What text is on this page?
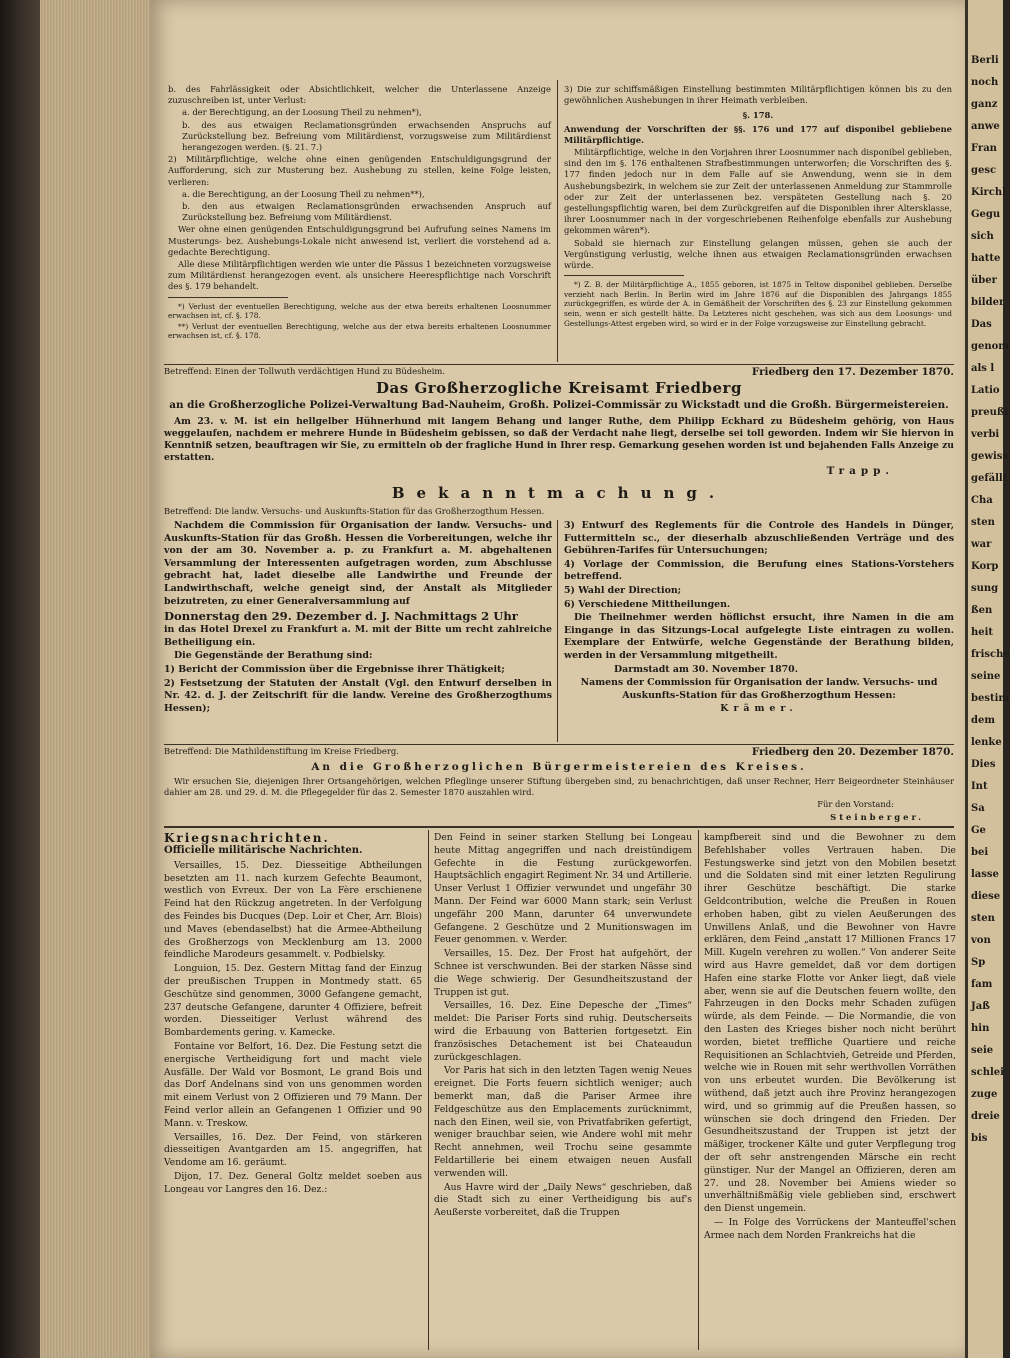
b. des Fahrlässigkeit oder Absichtlichkeit, welcher die Unterlassene Anzeige zuzuschreiben ist, unter Verlust:

a. der Berechtigung, an der Loosung Theil zu nehmen*),

b. des aus etwaigen Reclamationsgründen erwachsenden Anspruchs auf Zurückstellung bez. Befreiung vom Militärdienst, vorzugsweise zum Militärdienst herangezogen werden. (§. 21. 7.)

2) Militärpflichtige, welche ohne einen genügenden Entschuldigungsgrund der Aufforderung, sich zur Musterung bez. Aushebung zu stellen, keine Folge leisten, verlieren:

a. die Berechtigung, an der Loosung Theil zu nehmen**),

b. den aus etwaigen Reclamationsgründen erwachsenden Anspruch auf Zurückstellung bez. Befreiung vom Militärdienst.

Wer ohne einen genügenden Entschuldigungsgrund bei Aufrufung seines Namens im Musterungs- bez. Aushebungs-Lokale nicht anwesend ist, verliert die vorstehend ad a. gedachte Berechtigung.

Alle diese Militärpflichtigen werden wie unter die Pässus 1 bezeichneten vorzugsweise zum Militärdienst herangezogen event. als unsichere Heerespflichtige nach Vorschrift des §. 179 behandelt.

*) Verlust der eventuellen Berechtigung, welche aus der etwa bereits erhaltenen Loosnummer erwachsen ist, cf. §. 178.

**) Verlust der eventuellen Berechtigung, welche aus der etwa bereits erhaltenen Loosnummer erwachsen ist, cf. §. 178.

3) Die zur schiffsmäßigen Einstellung bestimmten Militärpflichtigen können bis zu den gewöhnlichen Aushebungen in ihrer Heimath verbleiben.

§. 178.

Anwendung der Vorschriften der §§. 176 und 177 auf disponibel gebliebene Militärpflichtige.

Militärpflichtige, welche in den Vorjahren ihrer Loosnummer nach disponibel geblieben, sind den im §. 176 enthaltenen Strafbestimmungen unterworfen; die Vorschriften des §. 177 finden jedoch nur in dem Falle auf sie Anwendung, wenn sie in dem Aushebungsbezirk, in welchem sie zur Zeit der unterlassenen Anmeldung zur Stammrolle oder zur Zeit der unterlassenen bez. verspäteten Gestellung nach §. 20 gestellungspflichtig waren, bei dem Zurückgreifen auf die Disponiblen ihrer Altersklasse, ihrer Loosnummer nach in der vorgeschriebenen Reihenfolge ebenfalls zur Aushebung gekommen wären*).

Sobald sie hiernach zur Einstellung gelangen müssen, gehen sie auch der Vergünstigung verlustig, welche ihnen aus etwaigen Reclamationsgründen erwachsen würde.

*) Z. B. der Militärpflichtige A., 1855 geboren, ist 1875 in Teltow disponibel geblieben. Derselbe verzieht nach Berlin. In Berlin wird im Jahre 1876 auf die Disponiblen des Jahrgangs 1855 zurückgegriffen, es würde der A. in Gemäßheit der Vorschriften des §. 23 zur Einstellung gekommen sein, wenn er sich gestellt hätte. Da Letzteres nicht geschehen, was sich aus dem Loosungs- und Gestellungs-Attest ergeben wird, so wird er in der Folge vorzugsweise zur Einstellung gebracht.

Betreffend: Einen der Tollwuth verdächtigen Hund zu Büdesheim.	Friedberg den 17. Dezember 1870.
Das Großherzogliche Kreisamt Friedberg
an die Großherzogliche Polizei-Verwaltung Bad-Nauheim, Großh. Polizei-Commissär zu Wickstadt und die Großh. Bürgermeistereien.

Am 23. v. M. ist ein hellgelber Hühnerhund mit langem Behang und langer Ruthe, dem Philipp Eckhard zu Büdesheim gehörig, von Haus weggelaufen, nachdem er mehrere Hunde in Büdesheim gebissen, so daß der Verdacht nahe liegt, derselbe sei toll geworden. Indem wir Sie hiervon in Kenntniß setzen, beauftragen wir Sie, zu ermitteln ob der fragliche Hund in Ihrer resp. Gemarkung gesehen worden ist und bejahenden Falls Anzeige zu erstatten.

Trapp.

Bekanntmachung.
Betreffend: Die landw. Versuchs- und Auskunfts-Station für das Großherzogthum Hessen.

Nachdem die Commission für Organisation der landw. Versuchs- und Auskunfts-Station für das Großh. Hessen die Vorbereitungen, welche ihr von der am 30. November a. p. zu Frankfurt a. M. abgehaltenen Versammlung der Interessenten aufgetragen worden, zum Abschlusse gebracht hat, ladet dieselbe alle Landwirthe und Freunde der Landwirthschaft, welche geneigt sind, der Anstalt als Mitglieder beizutreten, zu einer Generalversammlung auf

Donnerstag den 29. Dezember d. J. Nachmittags 2 Uhr

in das Hotel Drexel zu Frankfurt a. M. mit der Bitte um recht zahlreiche Betheiligung ein.

Die Gegenstände der Berathung sind:

1) Bericht der Commission über die Ergebnisse ihrer Thätigkeit;

2) Festsetzung der Statuten der Anstalt (Vgl. den Entwurf derselben in Nr. 42. d. J. der Zeitschrift für die landw. Vereine des Großherzogthums Hessen);

3) Entwurf des Reglements für die Controle des Handels in Dünger, Futtermitteln sc., der dieserhalb abzuschließenden Verträge und des Gebühren-Tarifes für Untersuchungen;

4) Vorlage der Commission, die Berufung eines Stations-Vorstehers betreffend.

5) Wahl der Direction;

6) Verschiedene Mittheilungen.

Die Theilnehmer werden höflichst ersucht, ihre Namen in die am Eingange in das Sitzungs-Local aufgelegte Liste eintragen zu wollen. Exemplare der Entwürfe, welche Gegenstände der Berathung bilden, werden in der Versammlung mitgetheilt.

Darmstadt am 30. November 1870.

Namens der Commission für Organisation der landw. Versuchs- und Auskunfts-Station für das Großherzogthum Hessen:

Krämer.

Betreffend: Die Mathildenstiftung im Kreise Friedberg.	Friedberg den 20. Dezember 1870.
An die Großherzoglichen Bürgermeistereien des Kreises.

Wir ersuchen Sie, diejenigen Ihrer Ortsangehörigen, welchen Pfleglinge unserer Stiftung übergeben sind, zu benachrichtigen, daß unser Rechner, Herr Beigeordneter Steinhäuser dahier am 28. und 29. d. M. die Pflegegelder für das 2. Semester 1870 auszahlen wird.

Für den Vorstand:

Steinberger.

Kriegsnachrichten.
Officielle militärische Nachrichten.

Versailles, 15. Dez. Diesseitige Abtheilungen besetzten am 11. nach kurzem Gefechte Beaumont, westlich von Evreux. Der von La Fère erschienene Feind hat den Rückzug angetreten. In der Verfolgung des Feindes bis Ducques (Dep. Loir et Cher, Arr. Blois) und Maves (ebendaselbst) hat die Armee-Abtheilung des Großherzogs von Mecklenburg am 13. 2000 feindliche Marodeurs gesammelt. v. Podbielsky.

Longuion, 15. Dez. Gestern Mittag fand der Einzug der preußischen Truppen in Montmedy statt. 65 Geschütze sind genommen, 3000 Gefangene gemacht, 237 deutsche Gefangene, darunter 4 Offiziere, befreit worden. Diesseitiger Verlust während des Bombardements gering. v. Kamecke.

Fontaine vor Belfort, 16. Dez. Die Festung setzt die energische Vertheidigung fort und macht viele Ausfälle. Der Wald vor Bosmont, Le grand Bois und das Dorf Andelnans sind von uns genommen worden mit einem Verlust von 2 Offizieren und 79 Mann. Der Feind verlor allein an Gefangenen 1 Offizier und 90 Mann. v. Treskow.

Versailles, 16. Dez. Der Feind, von stärkeren diesseitigen Avantgarden am 15. angegriffen, hat Vendome am 16. geräumt.

Dijon, 17. Dez. General Goltz meldet soeben aus Longeau vor Langres den 16. Dez.:

Den Feind in seiner starken Stellung bei Longeau heute Mittag angegriffen und nach dreistündigem Gefechte in die Festung zurückgeworfen. Hauptsächlich engagirt Regiment Nr. 34 und Artillerie. Unser Verlust 1 Offizier verwundet und ungefähr 30 Mann. Der Feind war 6000 Mann stark; sein Verlust ungefähr 200 Mann, darunter 64 unverwundete Gefangene. 2 Geschütze und 2 Munitionswagen im Feuer genommen. v. Werder.

Versailles, 15. Dez. Der Frost hat aufgehört, der Schnee ist verschwunden. Bei der starken Nässe sind die Wege schwierig. Der Gesundheitszustand der Truppen ist gut.

Versailles, 16. Dez. Eine Depesche der „Times“ meldet: Die Pariser Forts sind ruhig. Deutscherseits wird die Erbauung von Batterien fortgesetzt. Ein französisches Detachement ist bei Chateaudun zurückgeschlagen.

Vor Paris hat sich in den letzten Tagen wenig Neues ereignet. Die Forts feuern sichtlich weniger; auch bemerkt man, daß die Pariser Armee ihre Feldgeschütze aus den Emplacements zurücknimmt, nach den Einen, weil sie, von Privatfabriken gefertigt, weniger brauchbar seien, wie Andere wohl mit mehr Recht annehmen, weil Trochu seine gesammte Feldartillerie bei einem etwaigen neuen Ausfall verwenden will.

Aus Havre wird der „Daily News“ geschrieben, daß die Stadt sich zu einer Vertheidigung bis auf's Aeußerste vorbereitet, daß die Truppen

kampfbereit sind und die Bewohner zu dem Befehlshaber volles Vertrauen haben. Die Festungswerke sind jetzt von den Mobilen besetzt und die Soldaten sind mit einer letzten Regulirung ihrer Geschütze beschäftigt. Die starke Geldcontribution, welche die Preußen in Rouen erhoben haben, gibt zu vielen Aeußerungen des Unwillens Anlaß, und die Bewohner von Havre erklären, dem Feind „anstatt 17 Millionen Francs 17 Mill. Kugeln verehren zu wollen.“ Von anderer Seite wird aus Havre gemeldet, daß vor dem dortigen Hafen eine starke Flotte vor Anker liegt, daß viele aber, wenn sie auf die Deutschen feuern wollte, den Fahrzeugen in den Docks mehr Schaden zufügen würde, als dem Feinde. — Die Normandie, die von den Lasten des Krieges bisher noch nicht berührt worden, bietet treffliche Quartiere und reiche Requisitionen an Schlachtvieh, Getreide und Pferden, welche wie in Rouen mit sehr werthvollen Vorräthen von uns erbeutet wurden. Die Bevölkerung ist wüthend, daß jetzt auch ihre Provinz herangezogen wird, und so grimmig auf die Preußen hassen, so wünschen sie doch dringend den Frieden. Der Gesundheitszustand der Truppen ist jetzt der mäßiger, trockener Kälte und guter Verpflegung trog der oft sehr anstrengenden Märsche ein recht günstiger. Nur der Mangel an Offizieren, deren am 27. und 28. November bei Amiens wieder so unverhältnißmäßig viele geblieben sind, erschwert den Dienst ungemein.

— In Folge des Vorrückens der Manteuffel'schen Armee nach dem Norden Frankreichs hat die

Berli
noch
ganz
anwe
Fran
gesc
Kirchl
Gegu
sich
hatte
über
bilder
Das
genom
als l
Latio
preußi
verbi
gewiss
gefällt
Cha
sten
war
Korp
sung
ßen
heit
frische
seine
bestim
dem
lenke
Dies
Int
Sa
Ge
bei
lasse
diese
sten
von
Sp
fam
Jaß
hin
seie
schlei
zuge
dreie
bis
